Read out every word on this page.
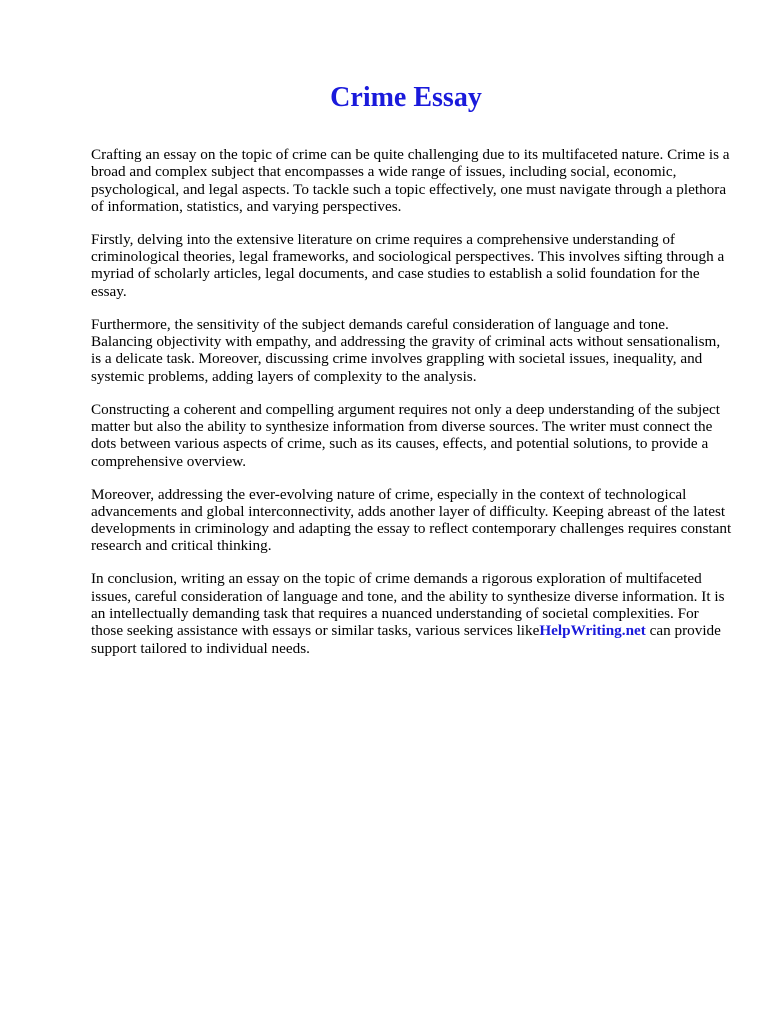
Crime Essay

Crafting an essay on the topic of crime can be quite challenging due to its multifaceted nature. Crime is a broad and complex subject that encompasses a wide range of issues, including social, economic, psychological, and legal aspects. To tackle such a topic effectively, one must navigate through a plethora of information, statistics, and varying perspectives.

Firstly, delving into the extensive literature on crime requires a comprehensive understanding of criminological theories, legal frameworks, and sociological perspectives. This involves sifting through a myriad of scholarly articles, legal documents, and case studies to establish a solid foundation for the essay.

Furthermore, the sensitivity of the subject demands careful consideration of language and tone. Balancing objectivity with empathy, and addressing the gravity of criminal acts without sensationalism, is a delicate task. Moreover, discussing crime involves grappling with societal issues, inequality, and systemic problems, adding layers of complexity to the analysis.

Constructing a coherent and compelling argument requires not only a deep understanding of the subject matter but also the ability to synthesize information from diverse sources. The writer must connect the dots between various aspects of crime, such as its causes, effects, and potential solutions, to provide a comprehensive overview.

Moreover, addressing the ever-evolving nature of crime, especially in the context of technological advancements and global interconnectivity, adds another layer of difficulty. Keeping abreast of the latest developments in criminology and adapting the essay to reflect contemporary challenges requires constant research and critical thinking.

In conclusion, writing an essay on the topic of crime demands a rigorous exploration of multifaceted issues, careful consideration of language and tone, and the ability to synthesize diverse information. It is an intellectually demanding task that requires a nuanced understanding of societal complexities. For those seeking assistance with essays or similar tasks, various services likeHelpWriting.net can provide support tailored to individual needs.
